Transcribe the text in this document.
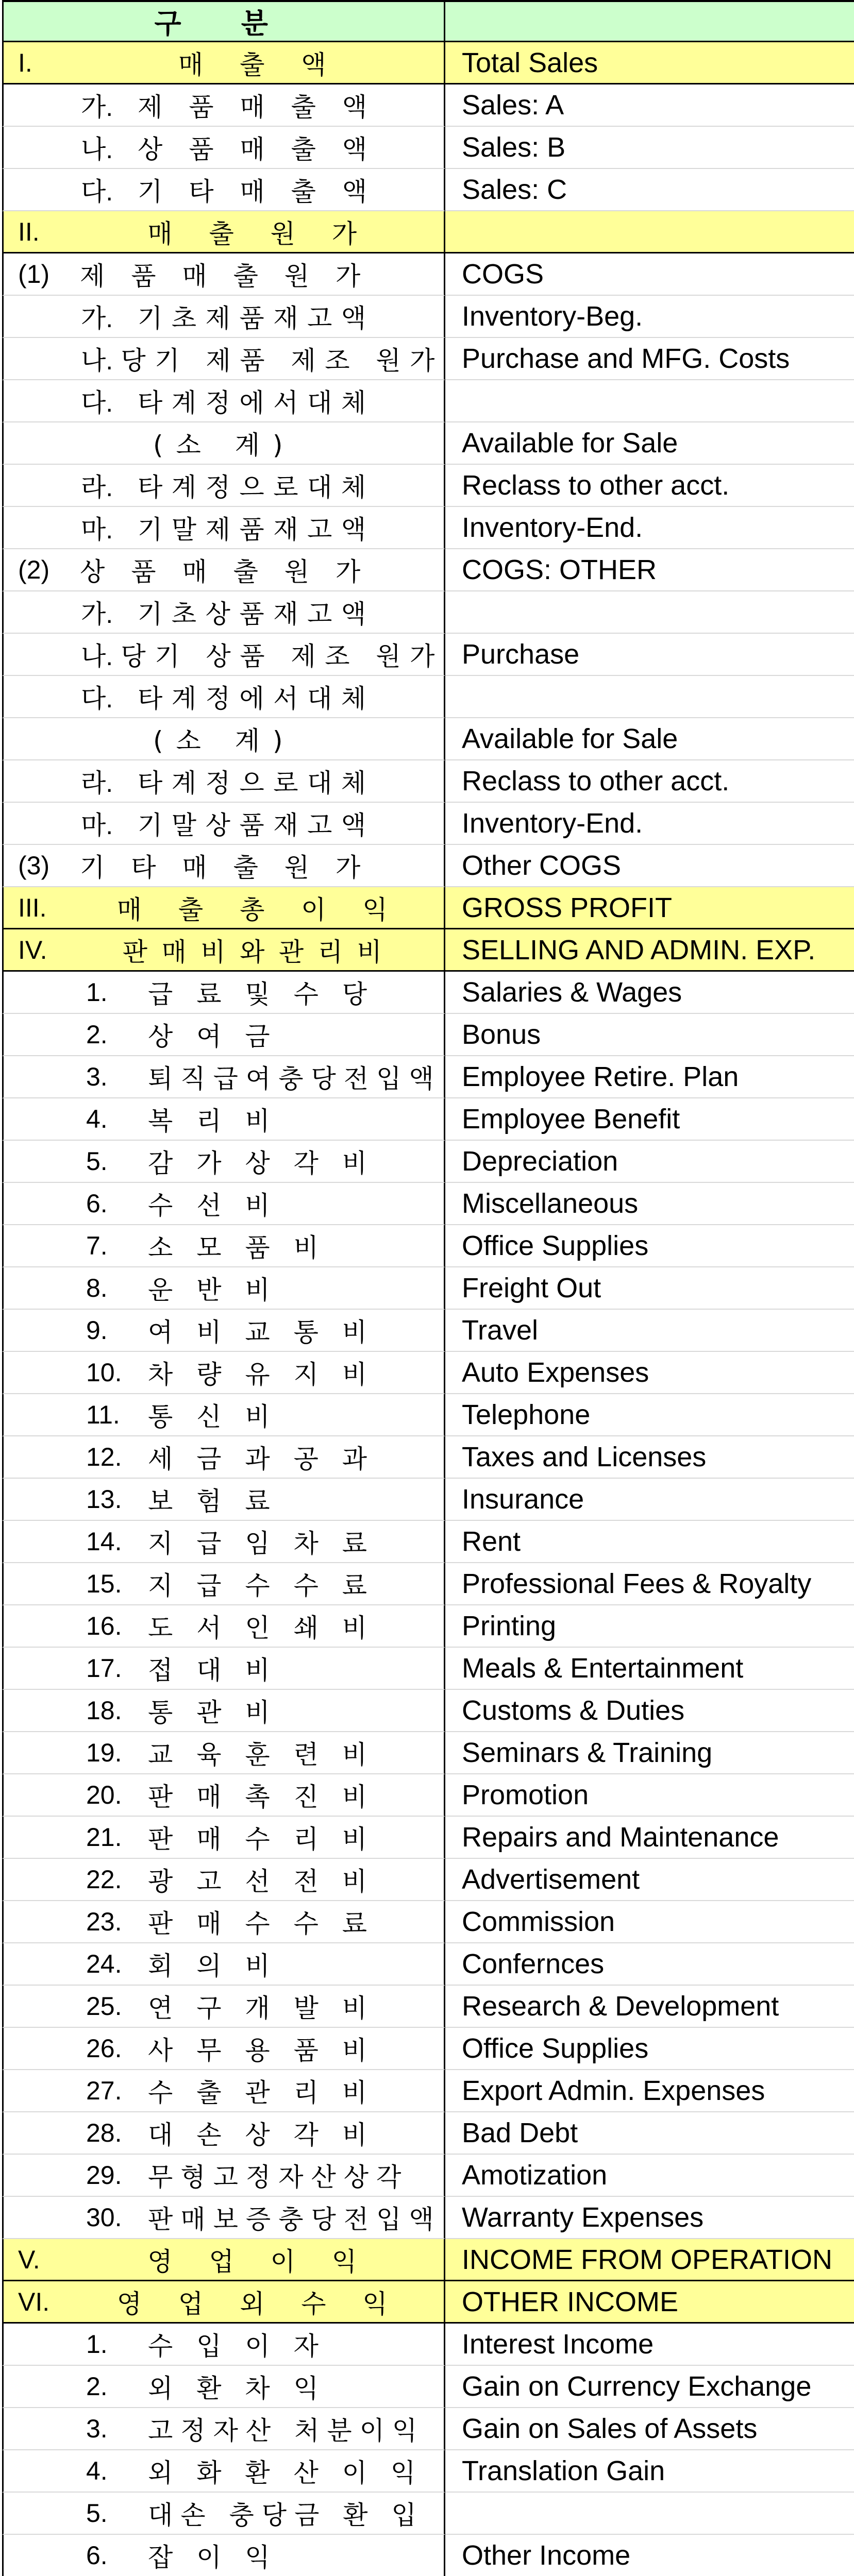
구 분
I.	매 출 액	Total Sales
가. 제 품 매 출 액	Sales: A
나. 상 품 매 출 액	Sales: B
다. 기 타 매 출 액	Sales: C
II.	매 출 원 가
(1)	제 품 매 출 원 가	COGS
가. 기초제품재고액	Inventory-Beg.
나. 당기 제품 제조 원가 Purchase and MFG. Costs
다. 타계정에서대체
(소 계)	Available for Sale
라. 타계정으로대체	Reclass to other acct.
마. 기말제품재고액	Inventory-End.
(2)	상 품 매 출 원 가	COGS: OTHER
가. 기초상품재고액
나. 당기 상품 제조 원가 Purchase
다. 타계정에서대체
(소 계)	Available for Sale
라. 타계정으로대체	Reclass to other acct.
마. 기말상품재고액	Inventory-End.
(3)	기 타 매 출 원 가	Other COGS
III.	매 출 총 이 익	GROSS PROFIT
IV.	판매비와관리비	SELLING AND ADMIN. EXP.
1.	급 료 및 수 당	Salaries & Wages
2.	상 여 금	Bonus
3.	퇴직급여충당전입액 Employee Retire. Plan
4.	복 리 비	Employee Benefit
5.	감 가 상 각 비	Depreciation
6.	수 선 비	Miscellaneous
7.	소 모 품 비	Office Supplies
8.	운 반 비	Freight Out
9.	여 비 교 통 비	Travel
10.	차 량 유 지 비	Auto Expenses
11.	통 신 비	Telephone
12.	세 금 과 공 과	Taxes and Licenses
13.	보 험 료	Insurance
14.	지 급 임 차 료	Rent
15.	지 급 수 수 료	Professional Fees & Royalty
16.	도 서 인 쇄 비	Printing
17.	접 대 비	Meals & Entertainment
18.	통 관 비	Customs & Duties
19.	교 육 훈 련 비	Seminars & Training
20.	판 매 촉 진 비	Promotion
21.	판 매 수 리 비	Repairs and Maintenance
22.	광 고 선 전 비	Advertisement
23.	판 매 수 수 료	Commission
24.	회 의 비	Confernces
25.	연 구 개 발 비	Research & Development
26.	사 무 용 품 비	Office Supplies
27.	수 출 관 리 비	Export Admin. Expenses
28.	대 손 상 각 비	Bad Debt
29.	무형고정자산상각 Amotization
30.	판매보증충당전입액 Warranty Expenses
V.	영 업 이 익	INCOME FROM OPERATION
VI.	영 업 외 수 익	OTHER INCOME
1.	수 입 이 자	Interest Income
2.	외 환 차 익	Gain on Currency Exchange
3.	고정자산 처분이익 Gain on Sales of Assets
4.	외 화 환 산 이 익 Translation Gain
5.	대손 충당금 환 입
6.	잡 이 익	Other Income
